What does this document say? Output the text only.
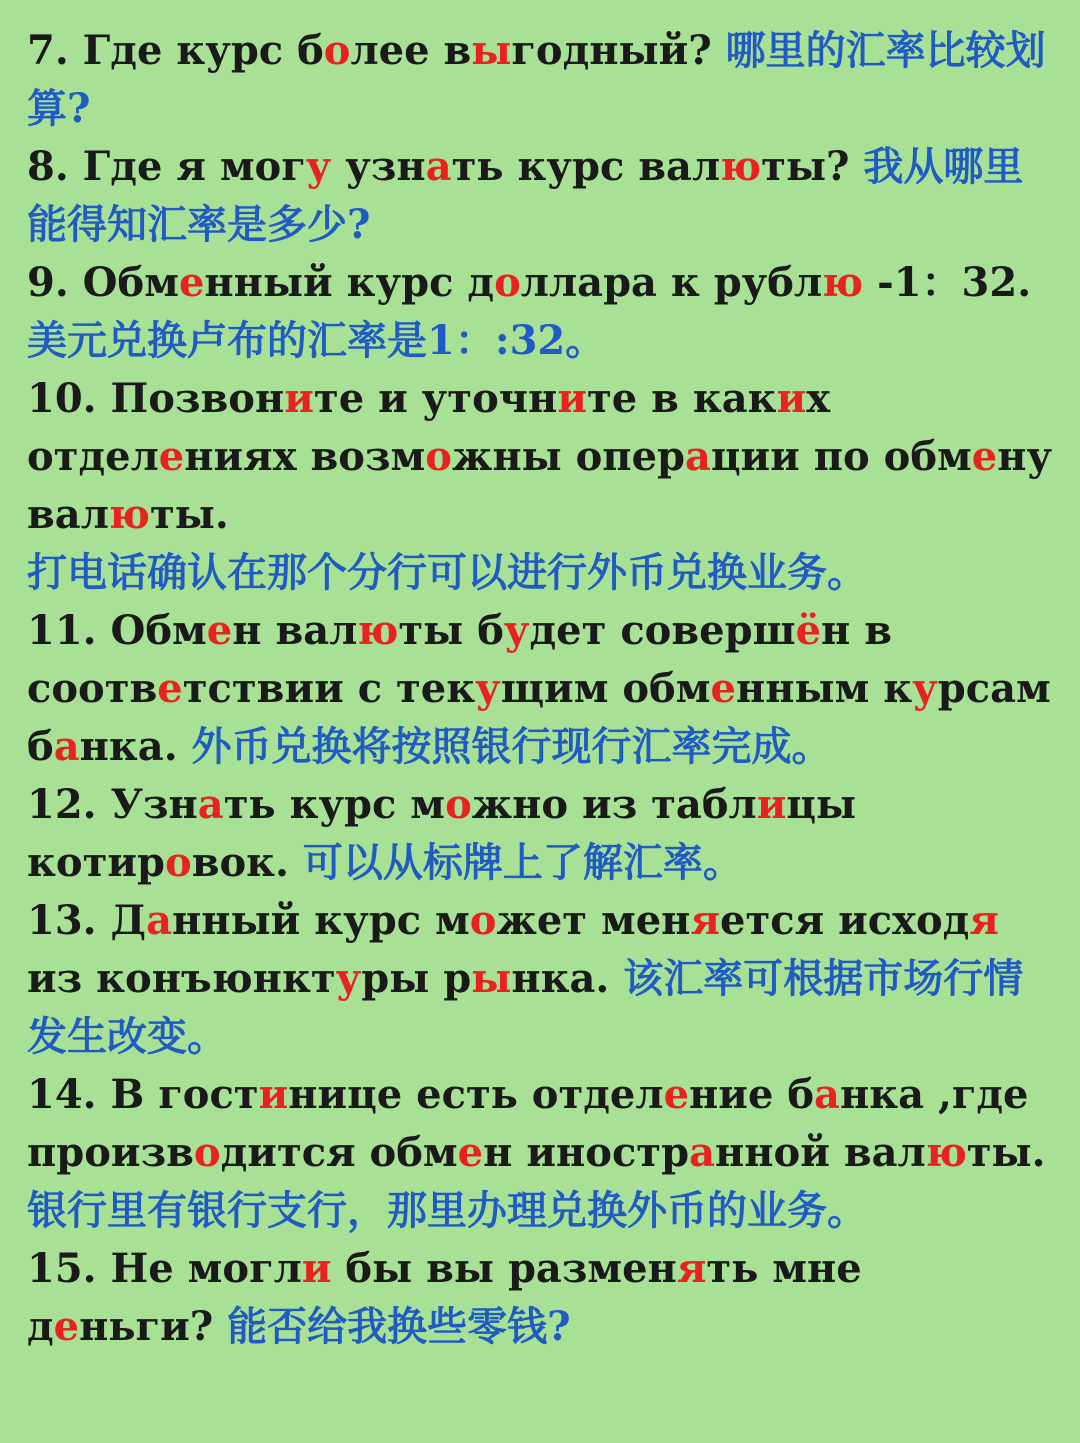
7. Где курс более выгодный? 哪里的汇率比较划算?

8. Где я могу узнать курс валюты? 我从哪里能得知汇率是多少?

9. Обменный курс доллара к рублю -1：32. 美元兑换卢布的汇率是1：:32。

10. Позвоните и уточните в каких отделениях возможны операции по обмену валюты.
打电话确认在那个分行可以进行外币兑换业务。

11. Обмен валюты будет совершён в соответствии с текущим обменным курсам банка. 外币兑换将按照银行现行汇率完成。

12. Узнать курс можно из таблицы котировок. 可以从标牌上了解汇率。

13. Данный курс может меняется исходя из конъюнктуры рынка. 该汇率可根据市场行情发生改变。

14. В гостинице есть отделение банка ,где производится обмен иностранной валюты.
银行里有银行支行，那里办理兑换外币的业务。

15. Не могли бы вы разменять мне деньги? 能否给我换些零钱?
